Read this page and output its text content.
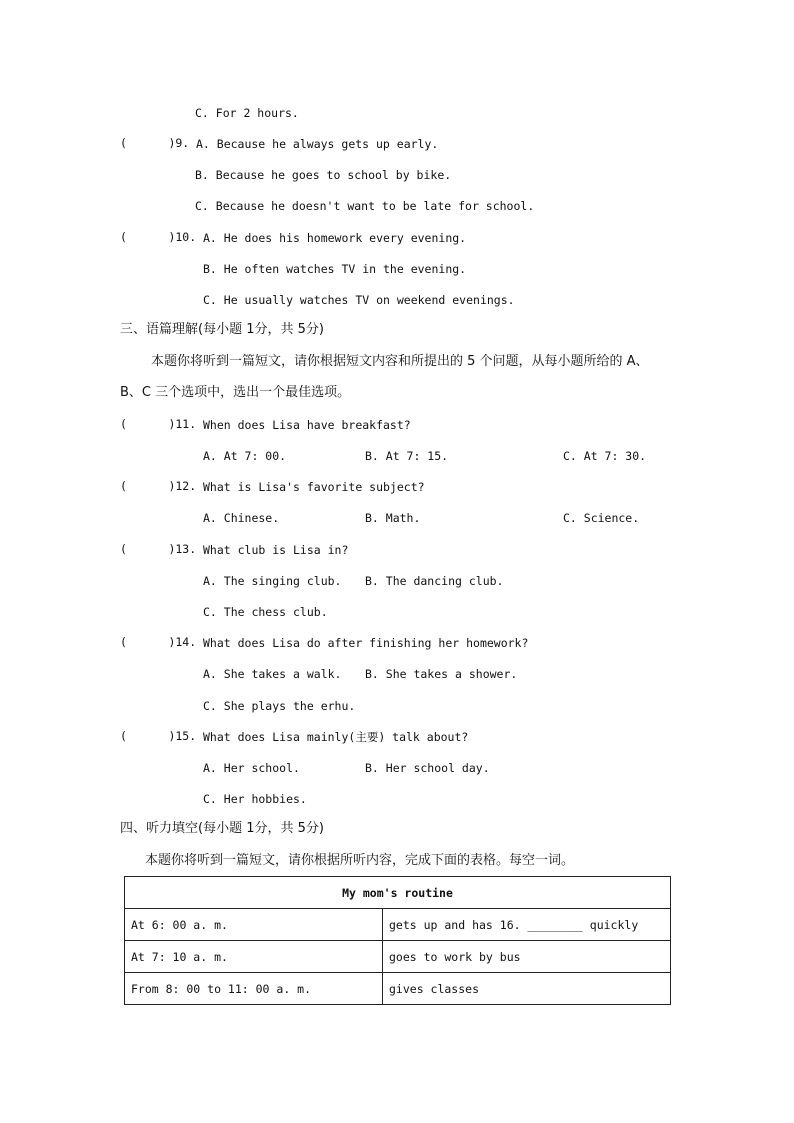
C. For 2 hours.
(      )9. A. Because he always gets up early.
B. Because he goes to school by bike.
C. Because he doesn't want to be late for school.
(      )10. A. He does his homework every evening.
B. He often watches TV in the evening.
C. He usually watches TV on weekend evenings.
三、语篇理解(每小题 1分，共 5分)
本题你将听到一篇短文，请你根据短文内容和所提出的 5 个问题，从每小题所给的 A、
B、C 三个选项中，选出一个最佳选项。
(      )11. When does Lisa have breakfast?
A. At 7: 00.	B. At 7: 15.	C. At 7: 30.
(      )12. What is Lisa's favorite subject?
A. Chinese.	B. Math.	C. Science.
(      )13. What club is Lisa in?
A. The singing club. B. The dancing club.
C. The chess club.
(      )14. What does Lisa do after finishing her homework?
A. She takes a walk. B. She takes a shower.
C. She plays the erhu.
(      )15. What does Lisa mainly(主要) talk about?
A. Her school.	B. Her school day.
C. Her hobbies.
四、听力填空(每小题 1分，共 5分)
本题你将听到一篇短文，请你根据所听内容，完成下面的表格。每空一词。
My mom's routine	
At 6: 00 a. m.	gets up and has 16. ________ quickly
At 7: 10 a. m.	goes to work by bus
From 8: 00 to 11: 00 a. m.	gives classes
